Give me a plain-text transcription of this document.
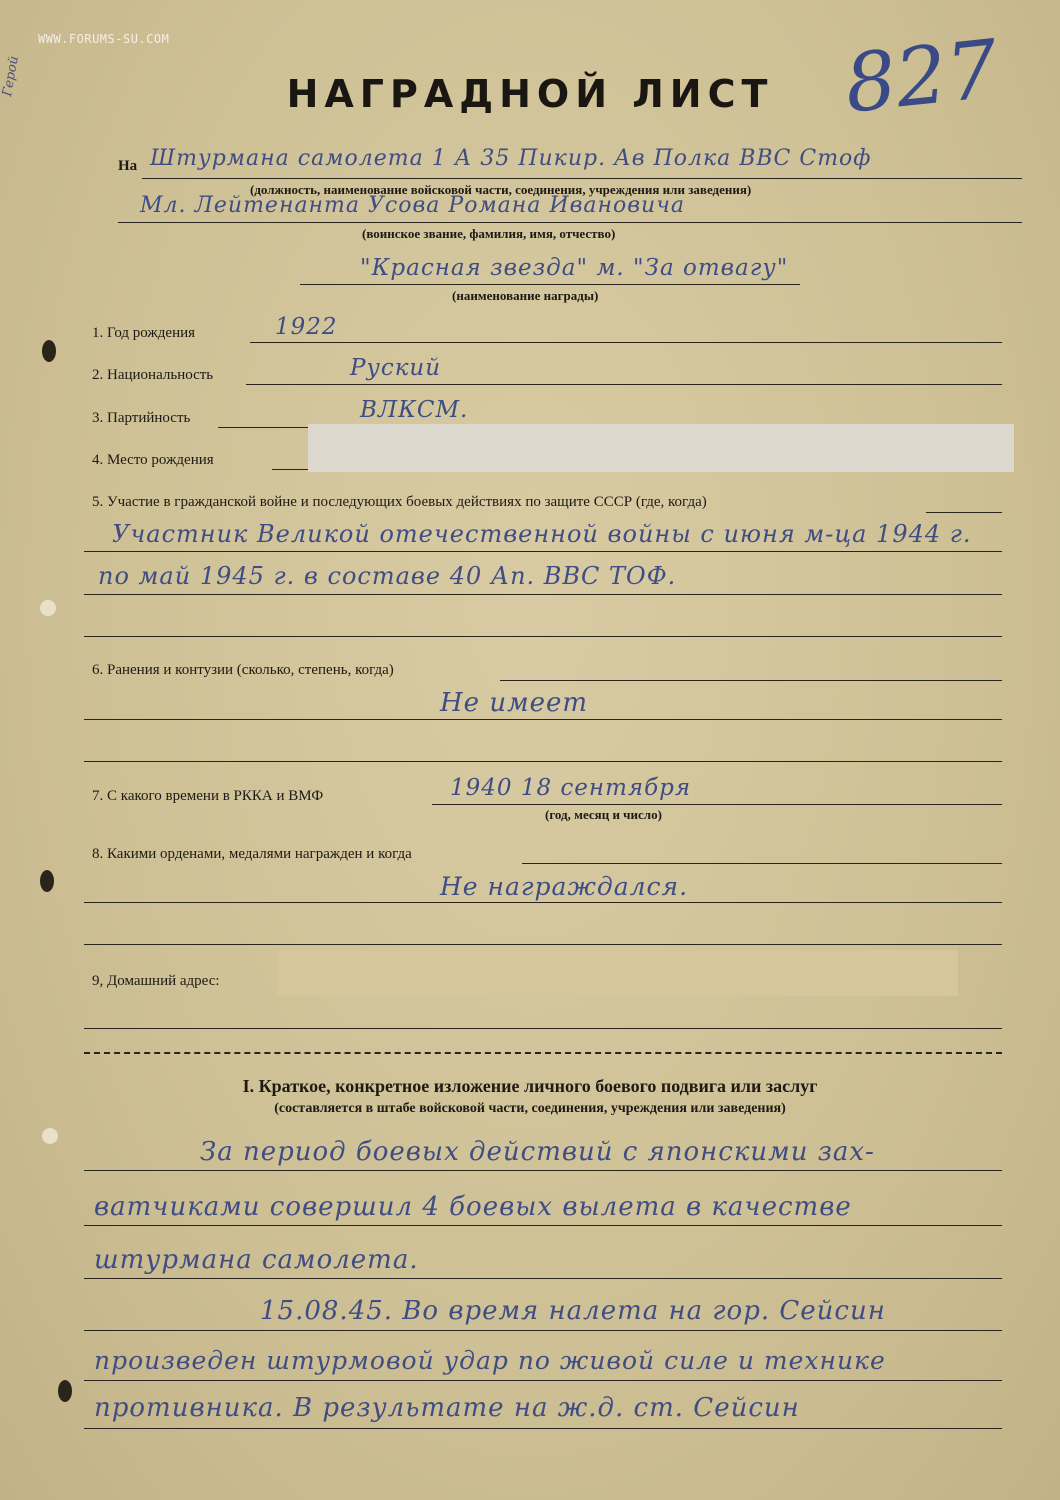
WWW.FORUMS-SU.COM	827
Герой	НАГРАДНОЙ ЛИСТ
На Штурмана самолета 1 А 35 Пикир. Ав Полка ВВС Стоф
(должность, наименование войсковой части, соединения, учреждения или заведения)
Мл. Лейтенанта Усова Романа Ивановича
(воинское звание, фамилия, имя, отчество)
"Красная звезда" м. "За отвагу"
(наименование награды)
1. Год рождения	1922
2. Национальность	Руский
3. Партийность	ВЛКСМ.
4. Место рождения
5. Участие в гражданской войне и последующих боевых действиях по защите СССР (где, когда)
Участник Великой отечественной войны с июня м-ца 1944 г.
по май 1945 г. в составе 40 Ап. ВВС ТОФ.
6. Ранения и контузии (сколько, степень, когда)
Не имеет
7. С какого времени в РККА и ВМФ	1940 18 сентября
(год, месяц и число)
8. Какими орденами, медалями награжден и когда
Не награждался.
9, Домашний адрес:
I. Краткое, конкретное изложение личного боевого подвига или заслуг
(составляется в штабе войсковой части, соединения, учреждения или заведения)
За период боевых действий с японскими зах-
ватчиками совершил 4 боевых вылета в качестве
штурмана самолета.
15.08.45. Во время налета на гор. Сейсин
произведен штурмовой удар по живой силе и технике
противника. В результате на ж.д. ст. Сейсин
